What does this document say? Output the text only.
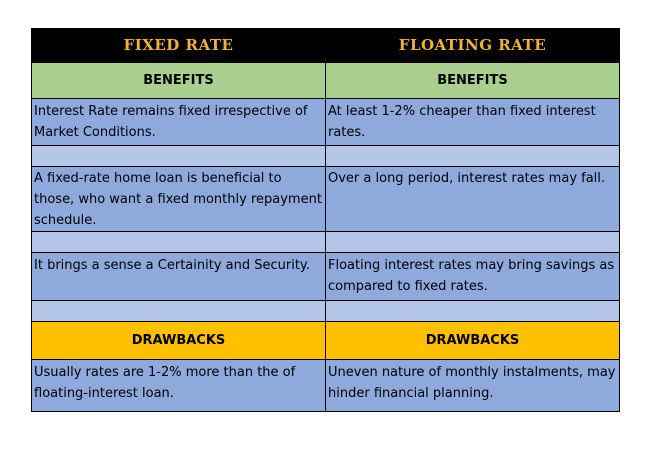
FIXED RATE	FLOATING RATE
BENEFITS	BENEFITS
Interest Rate remains fixed irrespective of Market Conditions.	At least 1-2% cheaper than fixed interest rates.

A fixed-rate home loan is beneficial to those, who want a fixed monthly repayment schedule.	Over a long period, interest rates may fall.

It brings a sense a Certainity and Security.	Floating interest rates may bring savings as compared to fixed rates.

DRAWBACKS	DRAWBACKS
Usually rates are 1-2% more than the of floating-interest loan.	Uneven nature of monthly instalments, may hinder financial planning.
